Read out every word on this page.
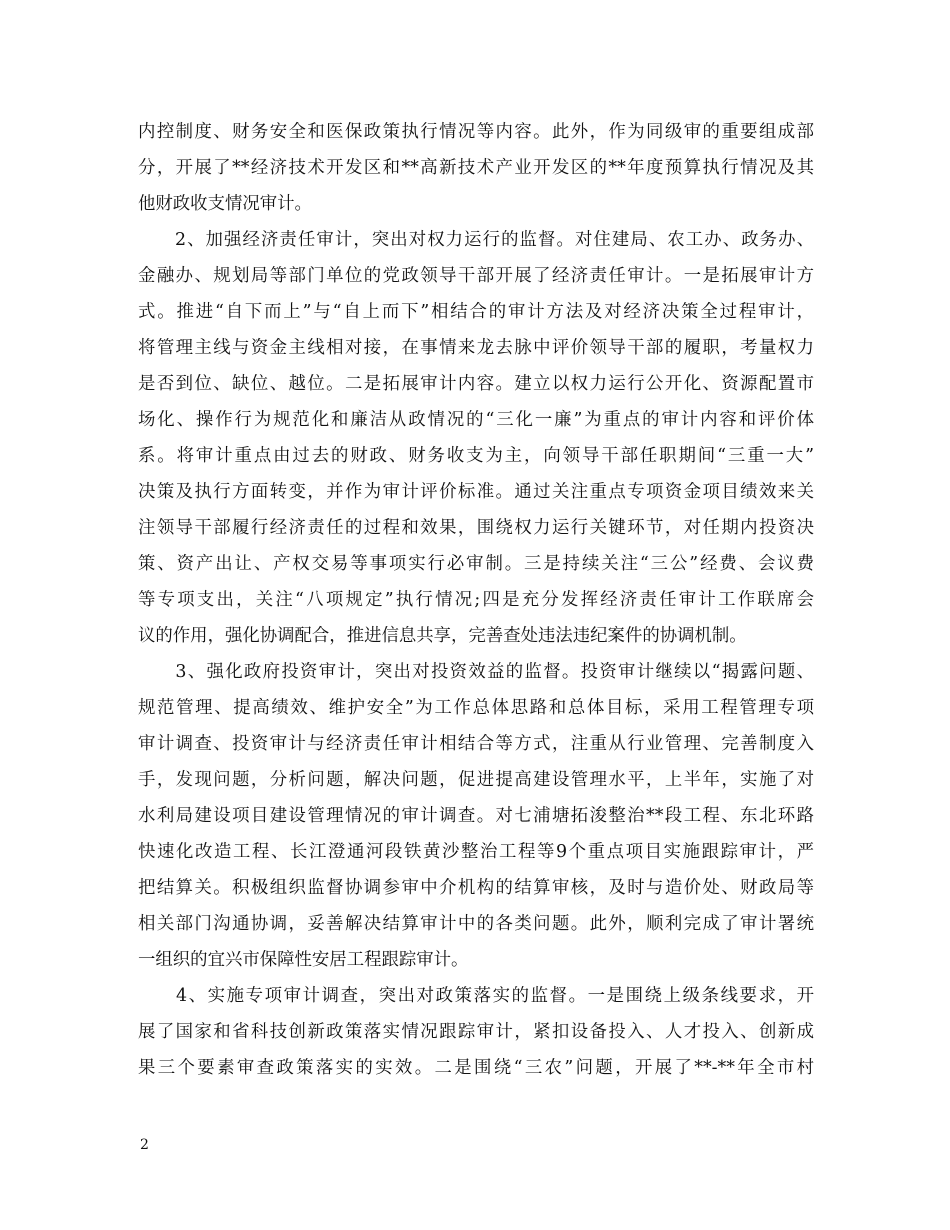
内控制度、财务安全和医保政策执行情况等内容。此外，作为同级审的重要组成部
分，开展了**经济技术开发区和**高新技术产业开发区的**年度预算执行情况及其
他财政收支情况审计。
　　2、加强经济责任审计，突出对权力运行的监督。对住建局、农工办、政务办、
金融办、规划局等部门单位的党政领导干部开展了经济责任审计。一是拓展审计方
式。推进“自下而上”与“自上而下”相结合的审计方法及对经济决策全过程审计，
将管理主线与资金主线相对接，在事情来龙去脉中评价领导干部的履职，考量权力
是否到位、缺位、越位。二是拓展审计内容。建立以权力运行公开化、资源配置市
场化、操作行为规范化和廉洁从政情况的“三化一廉”为重点的审计内容和评价体
系。将审计重点由过去的财政、财务收支为主，向领导干部任职期间“三重一大”
决策及执行方面转变，并作为审计评价标准。通过关注重点专项资金项目绩效来关
注领导干部履行经济责任的过程和效果，围绕权力运行关键环节，对任期内投资决
策、资产出让、产权交易等事项实行必审制。三是持续关注“三公”经费、会议费
等专项支出，关注“八项规定”执行情况;四是充分发挥经济责任审计工作联席会
议的作用，强化协调配合，推进信息共享，完善查处违法违纪案件的协调机制。
　　3、强化政府投资审计，突出对投资效益的监督。投资审计继续以“揭露问题、
规范管理、提高绩效、维护安全”为工作总体思路和总体目标，采用工程管理专项
审计调查、投资审计与经济责任审计相结合等方式，注重从行业管理、完善制度入
手，发现问题，分析问题，解决问题，促进提高建设管理水平，上半年，实施了对
水利局建设项目建设管理情况的审计调查。对七浦塘拓浚整治**段工程、东北环路
快速化改造工程、长江澄通河段铁黄沙整治工程等9个重点项目实施跟踪审计，严
把结算关。积极组织监督协调参审中介机构的结算审核，及时与造价处、财政局等
相关部门沟通协调，妥善解决结算审计中的各类问题。此外，顺利完成了审计署统
一组织的宜兴市保障性安居工程跟踪审计。
　　4、实施专项审计调查，突出对政策落实的监督。一是围绕上级条线要求，开
展了国家和省科技创新政策落实情况跟踪审计，紧扣设备投入、人才投入、创新成
果三个要素审查政策落实的实效。二是围绕“三农”问题，开展了**-**年全市村
2
